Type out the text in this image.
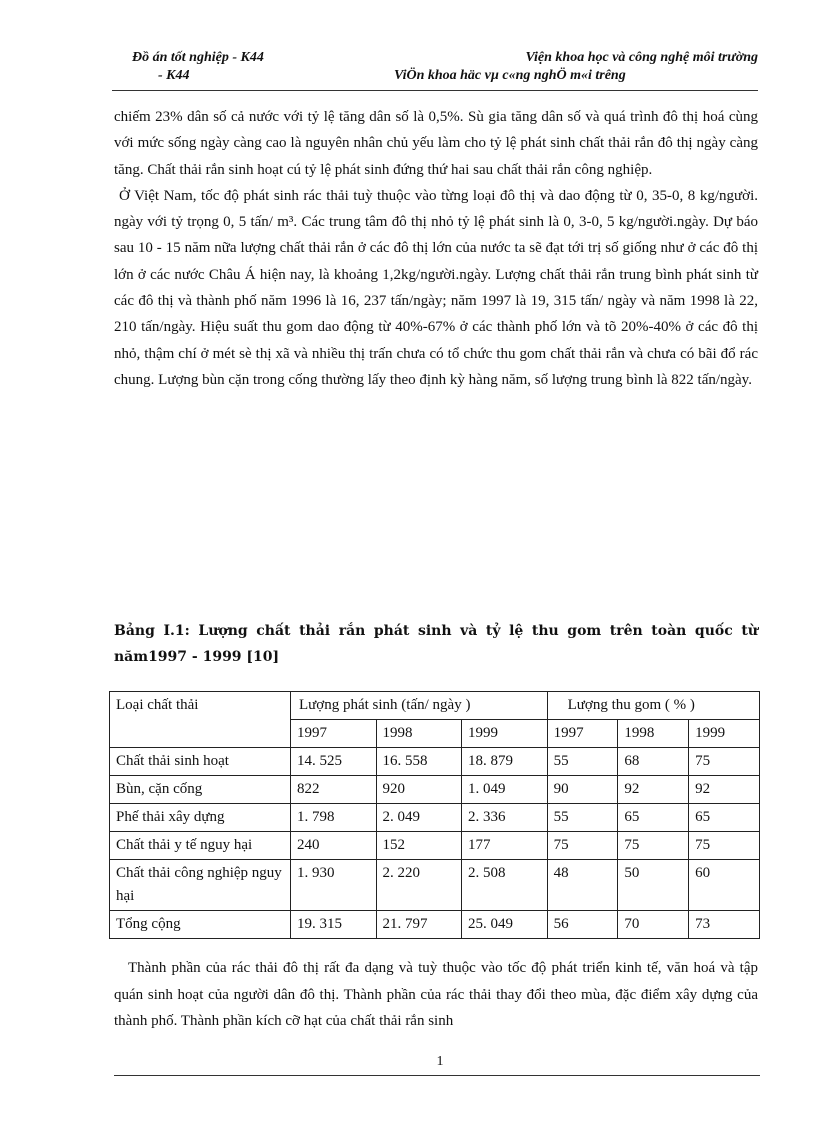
Đồ án tốt nghiệp - K44	Viện khoa học và công nghệ môi trường
- K44	ViÖn khoa häc vµ c«ng nghÖ m«i trêng

chiếm 23% dân số cả nước với tỷ lệ tăng dân số là 0,5%. Sù gia tăng dân số và quá trình đô thị hoá cùng với mức sống ngày càng cao là nguyên nhân chủ yếu làm cho tỷ lệ phát sinh chất thải rắn đô thị ngày càng tăng. Chất thải rắn sinh hoạt cú tỷ lệ phát sinh đứng thứ hai sau chất thải rắn công nghiệp.

Ở Việt Nam, tốc độ phát sinh rác thải tuỳ thuộc vào từng loại đô thị và dao động từ 0, 35-0, 8 kg/người. ngày với tỷ trọng 0, 5 tấn/ m³. Các trung tâm đô thị nhỏ tỷ lệ phát sinh là 0, 3-0, 5 kg/người.ngày. Dự báo sau 10 - 15 năm nữa lượng chất thải rắn ở các đô thị lớn của nước ta sẽ đạt tới trị số giống như ở các đô thị lớn ở các nước Châu Á hiện nay, là khoảng 1,2kg/người.ngày. Lượng chất thải rắn trung bình phát sinh từ các đô thị và thành phố năm 1996 là 16, 237 tấn/ngày; năm 1997 là 19, 315 tấn/ ngày và năm 1998 là 22, 210 tấn/ngày. Hiệu suất thu gom dao động từ 40%-67% ở các thành phố lớn và tõ 20%-40% ở các đô thị nhỏ, thậm chí ở mét sè thị xã và nhiều thị trấn chưa có tổ chức thu gom chất thải rắn và chưa có bãi đổ rác chung. Lượng bùn cặn trong cống thường lấy theo định kỳ hàng năm, số lượng trung bình là 822 tấn/ngày.

Bảng I.1: Lượng chất thải rắn phát sinh và tỷ lệ thu gom trên toàn quốc từ năm1997 - 1999 [10]
Loại chất thải	Lượng phát sinh (tấn/ ngày )			Lượng thu gom ( % )		
	1997	1998	1999	1997	1998	1999
Chất thải sinh hoạt	14. 525	16. 558	18. 879	55	68	75
Bùn, cặn cống	822	920	1. 049	90	92	92
Phế thải xây dựng	1. 798	2. 049	2. 336	55	65	65
Chất thải y tế nguy hại	240	152	177	75	75	75
Chất thải công nghiệp nguy hại	1. 930	2. 220	2. 508	48	50	60
Tổng cộng	19. 315	21. 797	25. 049	56	70	73

Thành phần của rác thải đô thị rất đa dạng và tuỳ thuộc vào tốc độ phát triển kinh tế, văn hoá và tập quán sinh hoạt của người dân đô thị. Thành phần của rác thải thay đổi theo mùa, đặc điểm xây dựng của thành phố. Thành phần kích cỡ hạt của chất thải rắn sinh

1
